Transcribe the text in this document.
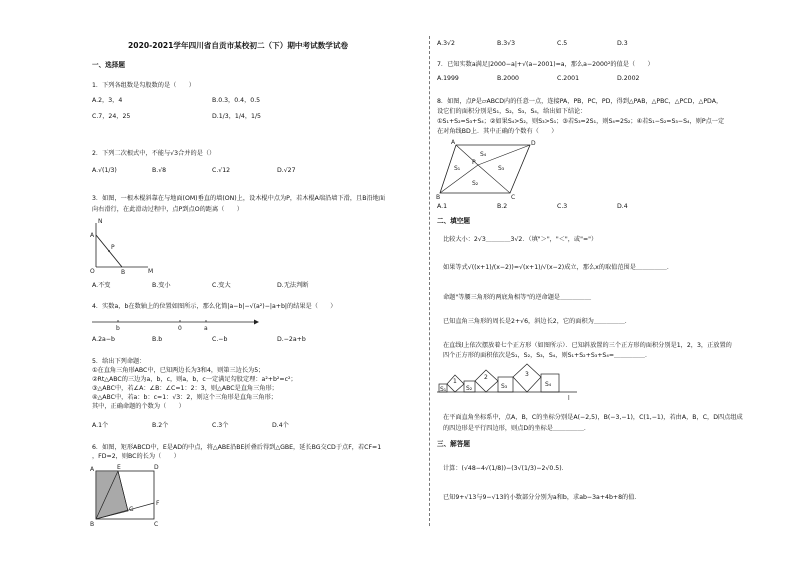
2020-2021学年四川省自贡市某校初二（下）期中考试数学试卷
一、选择题
1．下列各组数是勾股数的是（　　）
A.2，3，4	B.0.3，0.4，0.5
C.7，24，25	D.1/3，1/4，1/5
2．下列二次根式中，不能与√3合并的是（）
A.√(1/3)	B.√8	C.√12	D.√27
3．如图，一根木棍斜靠在与地面(OM)垂直的墙(ON)上，设木棍中点为P，若木棍A端沿墙下滑，且B沿地面
向右滑行，在此滑动过程中，点P到点O的距离（　　）
N
A
P
O	B	M
A.不变	B.变小	C.变大	D.无法判断
4．实数a，b在数轴上的位置如图所示，那么化简|a−b|−√(a²)−|a+b|的结果是（　　）
b	0	a
A.2a−b	B.b	C.−b	D.−2a+b
5．给出下列命题：
①在直角三角形ABC中，已知两边长为3和4，则第三边长为5；
②Rt△ABC的三边为a，b，c，则a，b，c一定满足勾股定理：a²+b²=c²；
③△ABC中，若∠A：∠B：∠C=1：2：3，则△ABC是直角三角形；
④△ABC中，若a：b：c=1：√3：2，则这个三角形是直角三角形；
其中，正确命题的个数为（　　）
A.1个	B.2个	C.3个	D.4个
6．如图，矩形ABCD中，E是AD的中点，将△ABE沿BE折叠后得到△GBE，延长BG交CD于点F，若CF=1
，FD=2，则BC的长为（　　）
A	E	D
F
G
B	C
A.3√2	B.3√3	C.5	D.3
7．已知实数a满足|2000−a|+√(a−2001)=a，那么a−2000²的值是（　　）
A.1999	B.2000	C.2001	D.2002
8．如图，点P是▱ABCD内的任意一点，连接PA，PB，PC，PD，得到△PAB，△PBC，△PCD，△PDA，
设它们的面积分别是S₁，S₂，S₃，S₄，给出如下结论：
①S₁+S₂=S₃+S₄；②如果S₄>S₂，则S₃>S₁；③若S₃=2S₁，则S₄=2S₂；④若S₁−S₂=S₃−S₄，则P点一定
在对角线BD上．其中正确的个数有（　　）
A	D
B	C
P
S₄
S₁	S₃
S₂
A.1	B.2	C.3	D.4
二、填空题
比较大小：2√3＿＿＿＿3√2．（填"＞"，"＜"，或"="）
如果等式√((x+1)/(x−2))=√(x+1)/√(x−2)成立，那么x的取值范围是＿＿＿＿＿．
命题"等腰三角形的两底角相等"的逆命题是＿＿＿＿＿
已知直角三角形的周长是2+√6，斜边长2，它的面积为＿＿＿＿＿．
在直线l上依次摆放着七个正方形（如图所示）．已知斜放置的三个正方形的面积分别是1，2，3，正放置的
四个正方形的面积依次是S₁，S₂，S₃，S₄，则S₁+S₂+S₃+S₄=＿＿＿＿＿．
S₁	S₂	S₃	S₄
1
2	3
l
在平面直角坐标系中，点A，B，C的坐标分别是A(−2,5)，B(−3,−1)，C(1,−1)，若由A，B，C，D四点组成
的四边形是平行四边形，则点D的坐标是＿＿＿＿＿．
三、解答题
计算：(√48−4√(1/8))−(3√(1/3)−2√0.5)．
已知9+√13与9−√13的小数部分分别为a和b，求ab−3a+4b+8的值．
